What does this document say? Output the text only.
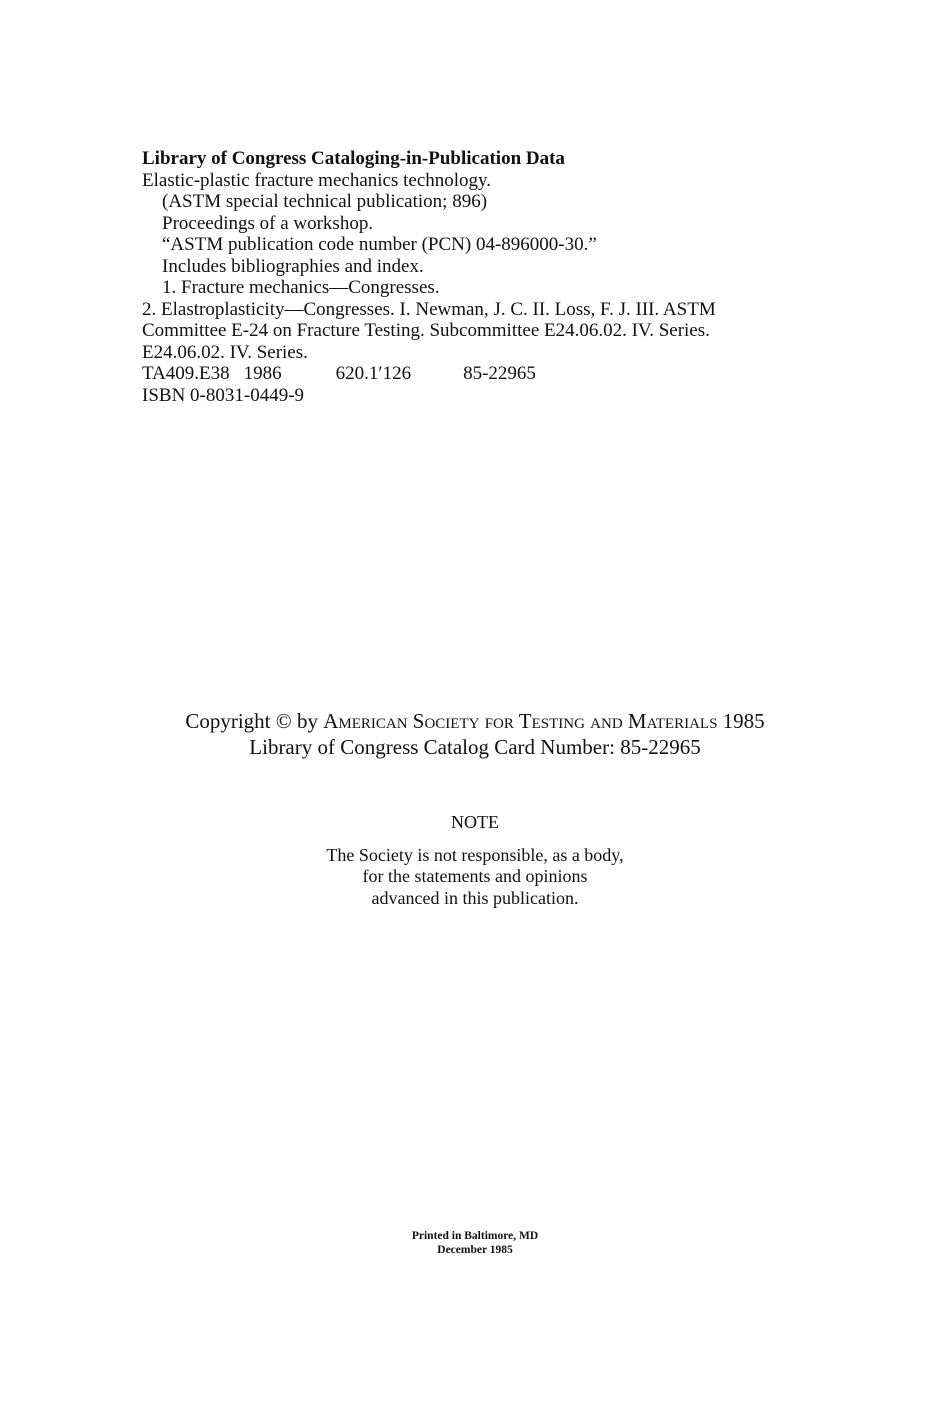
Library of Congress Cataloging-in-Publication Data
Elastic-plastic fracture mechanics technology.
(ASTM special technical publication; 896)
Proceedings of a workshop.
“ASTM publication code number (PCN) 04-896000-30.”
Includes bibliographies and index.
1. Fracture mechanics—Congresses.
2. Elastroplasticity—Congresses. I. Newman, J. C. II. Loss, F. J. III. ASTM
Committee E-24 on Fracture Testing. Subcommittee E24.06.02. IV. Series.
E24.06.02. IV. Series.
TA409.E38 1986	620.1′126	85-22965
ISBN 0-8031-0449-9
Copyright © by American Society for Testing and Materials 1985
Library of Congress Catalog Card Number: 85-22965
NOTE
The Society is not responsible, as a body,
for the statements and opinions
advanced in this publication.
Printed in Baltimore, MD
December 1985
